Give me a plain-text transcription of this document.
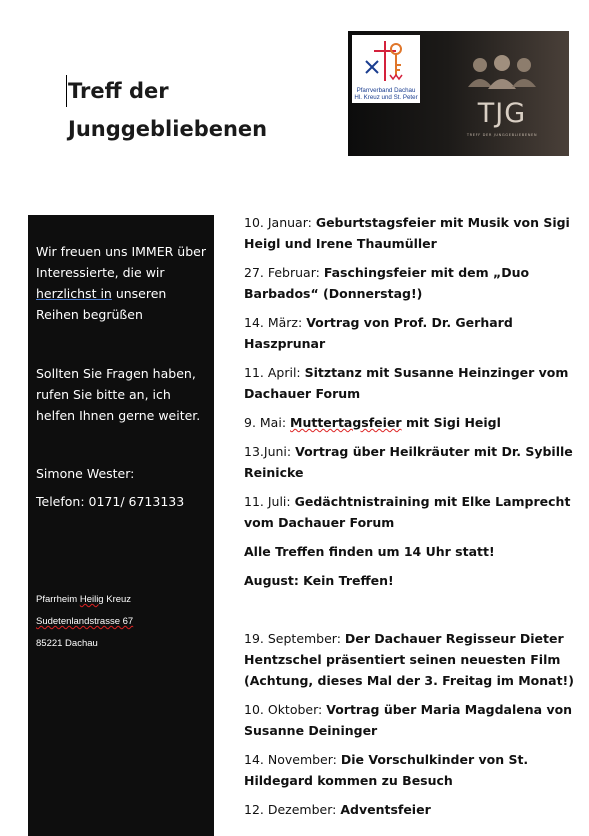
Treff der
Junggebliebenen
Pfarrverband Dachau
Hl. Kreuz und St. Peter
TJG
TREFF DER JUNGGEBLIEBENEN

Wir freuen uns IMMER über Interessierte, die wir herzlichst in unseren Reihen begrüßen

Sollten Sie Fragen haben, rufen Sie bitte an, ich helfen Ihnen gerne weiter.

Simone Wester:

Telefon: 0171/ 6713133

Pfarrheim Heilig Kreuz

Sudetenlandstrasse 67

85221 Dachau

10. Januar: Geburtstagsfeier mit Musik von Sigi Heigl und Irene Thaumüller

27. Februar: Faschingsfeier mit dem „Duo Barbados“ (Donnerstag!)

14. März: Vortrag von Prof. Dr. Gerhard Haszprunar

11. April: Sitztanz mit Susanne Heinzinger vom Dachauer Forum

9. Mai: Muttertagsfeier mit Sigi Heigl

13.Juni: Vortrag über Heilkräuter mit Dr. Sybille Reinicke

11. Juli: Gedächtnistraining mit Elke Lamprecht vom Dachauer Forum

Alle Treffen finden um 14 Uhr statt!

August: Kein Treffen!

19. September: Der Dachauer Regisseur Dieter Hentzschel präsentiert seinen neuesten Film (Achtung, dieses Mal der 3. Freitag im Monat!)

10. Oktober: Vortrag über Maria Magdalena von Susanne Deininger

14. November: Die Vorschulkinder von St. Hildegard kommen zu Besuch

12. Dezember: Adventsfeier
